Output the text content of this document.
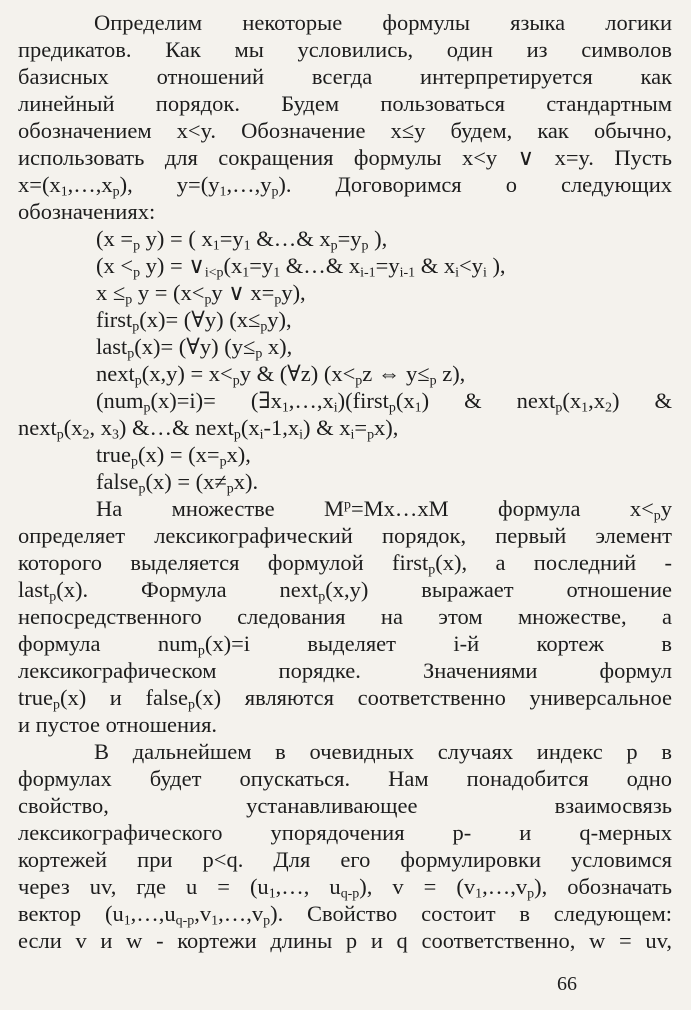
Определим некоторые формулы языка логики
предикатов. Как мы условились, один из символов
базисных отношений всегда интерпретируется как
линейный порядок. Будем пользоваться стандартным
обозначением x<y. Обозначение x≤y будем, как обычно,
использовать для сокращения формулы x<y ∨ x=y. Пусть
$x=(x_1,\dots,x_p)$, $y=(y_1,\dots,y_p)$. Договоримся о следующих
обозначениях:
($x =_p$ y) = ( $x_1=y_1$ &…& $x_p=y_p$ ),
($x <_p$ $y) = \vee_{i<p}(x_1=y_1$ &…& $x_{i-1}=y_{i-1}$ & $x_i<y_i$ ),
$x \le_p$ $y = (x<_py$ ∨ $x=_py$),
first$_p$(x)= (∀y) $(x\le_py)$,
last$_p$(x)= (∀y) ($y\le_p$ x),
next$_p$(x,y) = $x<_py$ & (∀z) ($x<_pz$ ⇔ $y\le_p$ z),
$(num_p(x)=i)= (\exists x_1,\dots,x_i)(first_p(x_1)$ & $next_p(x_1,x_2)$ &
$next_p(x_2$, $x_3$) &…& $next_p(x_i-1,x_i)$ & $x_i=_px$),
true$_p$(x) = $(x=_px)$,
false$_p$(x) = $(x\ne_px)$.
На множестве $M^p=Mx\dots xM$ формула $x<_py$
определяет лексикографический порядок, первый элемент
которого выделяется формулой first$_p$(x), а последний -
last$_p$(x). Формула next$_p$(x,y) выражает отношение
непосредственного следования на этом множестве, а
формула num$_p$(x)=i выделяет i-й кортеж в
лексикографическом порядке. Значениями формул
true$_p$(x) и false$_p$(x) являются соответственно универсальное
и пустое отношения.
В дальнейшем в очевидных случаях индекс p в
формулах будет опускаться. Нам понадобится одно
свойство, устанавливающее взаимосвязь
лексикографического упорядочения p- и q-мерных
кортежей при p<q. Для его формулировки условимся
через uv, где $u = (u_1,\dots$, $u_{q-p}$), $v = (v_1,\dots,v_p)$, обозначать
вектор $(u_1,\dots,u_{q-p},v_1,\dots,v_p)$. Свойство состоит в следующем:
если v и w - кортежи длины p и q соответственно, w = uv,
66
